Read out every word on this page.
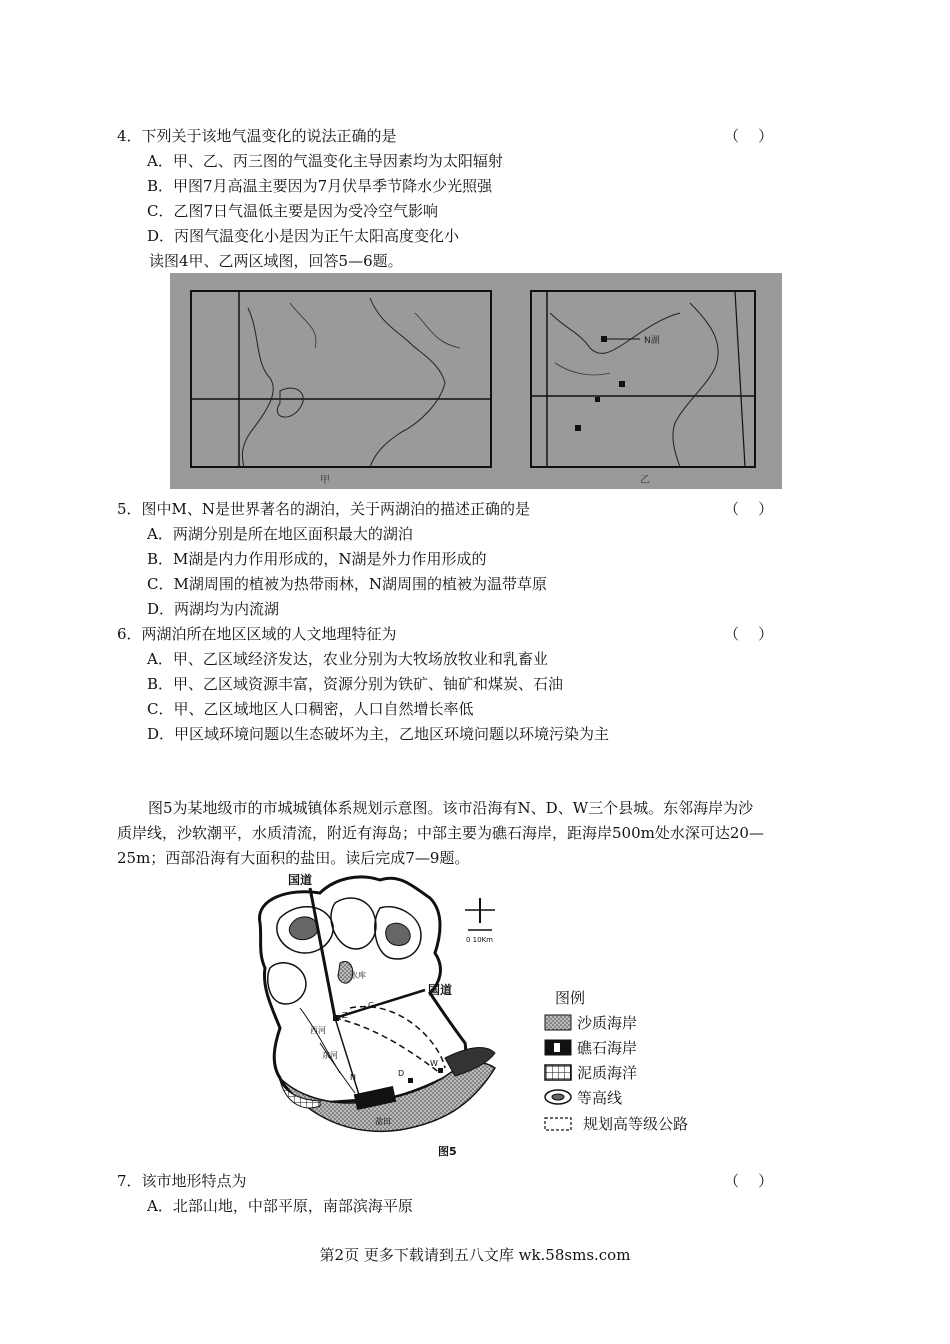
4．下列关于该地气温变化的说法正确的是	（    ）
A．甲、乙、丙三图的气温变化主导因素均为太阳辐射
B．甲图7月高温主要因为7月伏旱季节降水少光照强
C．乙图7日气温低主要是因为受冷空气影响
D．丙图气温变化小是因为正午太阳高度变化小
读图4甲、乙两区域图，回答5—6题。
N湖
甲	乙
5．图中M、N是世界著名的湖泊，关于两湖泊的描述正确的是	（    ）
A．两湖分别是所在地区面积最大的湖泊
B．M湖是内力作用形成的，N湖是外力作用形成的
C．M湖周围的植被为热带雨林，N湖周围的植被为温带草原
D．两湖均为内流湖
6．两湖泊所在地区区域的人文地理特征为	（    ）
A．甲、乙区域经济发达，农业分别为大牧场放牧业和乳畜业
B．甲、乙区域资源丰富，资源分别为铁矿、铀矿和煤炭、石油
C．甲、乙区域地区人口稠密，人口自然增长率低
D．甲区域环境问题以生态破坏为主，乙地区环境问题以环境污染为主
图5为某地级市的市城城镇体系规划示意图。该市沿海有N、D、W三个县城。东邻海岸为沙
质岸线，沙软潮平，水质清流，附近有海岛；中部主要为礁石海岸，距海岸500m处水深可达20—
25m；西部沿海有大面积的盐田。读后完成7—9题。
国道
国道
水库
西河
东河
Z
G
N	D
W
盐田
图5
0 10Km
图例
沙质海岸
礁石海岸
泥质海洋
等高线
规划高等级公路
7．该市地形特点为	（    ）
A．北部山地，中部平原，南部滨海平原
第2页 更多下载请到五八文库 wk.58sms.com
